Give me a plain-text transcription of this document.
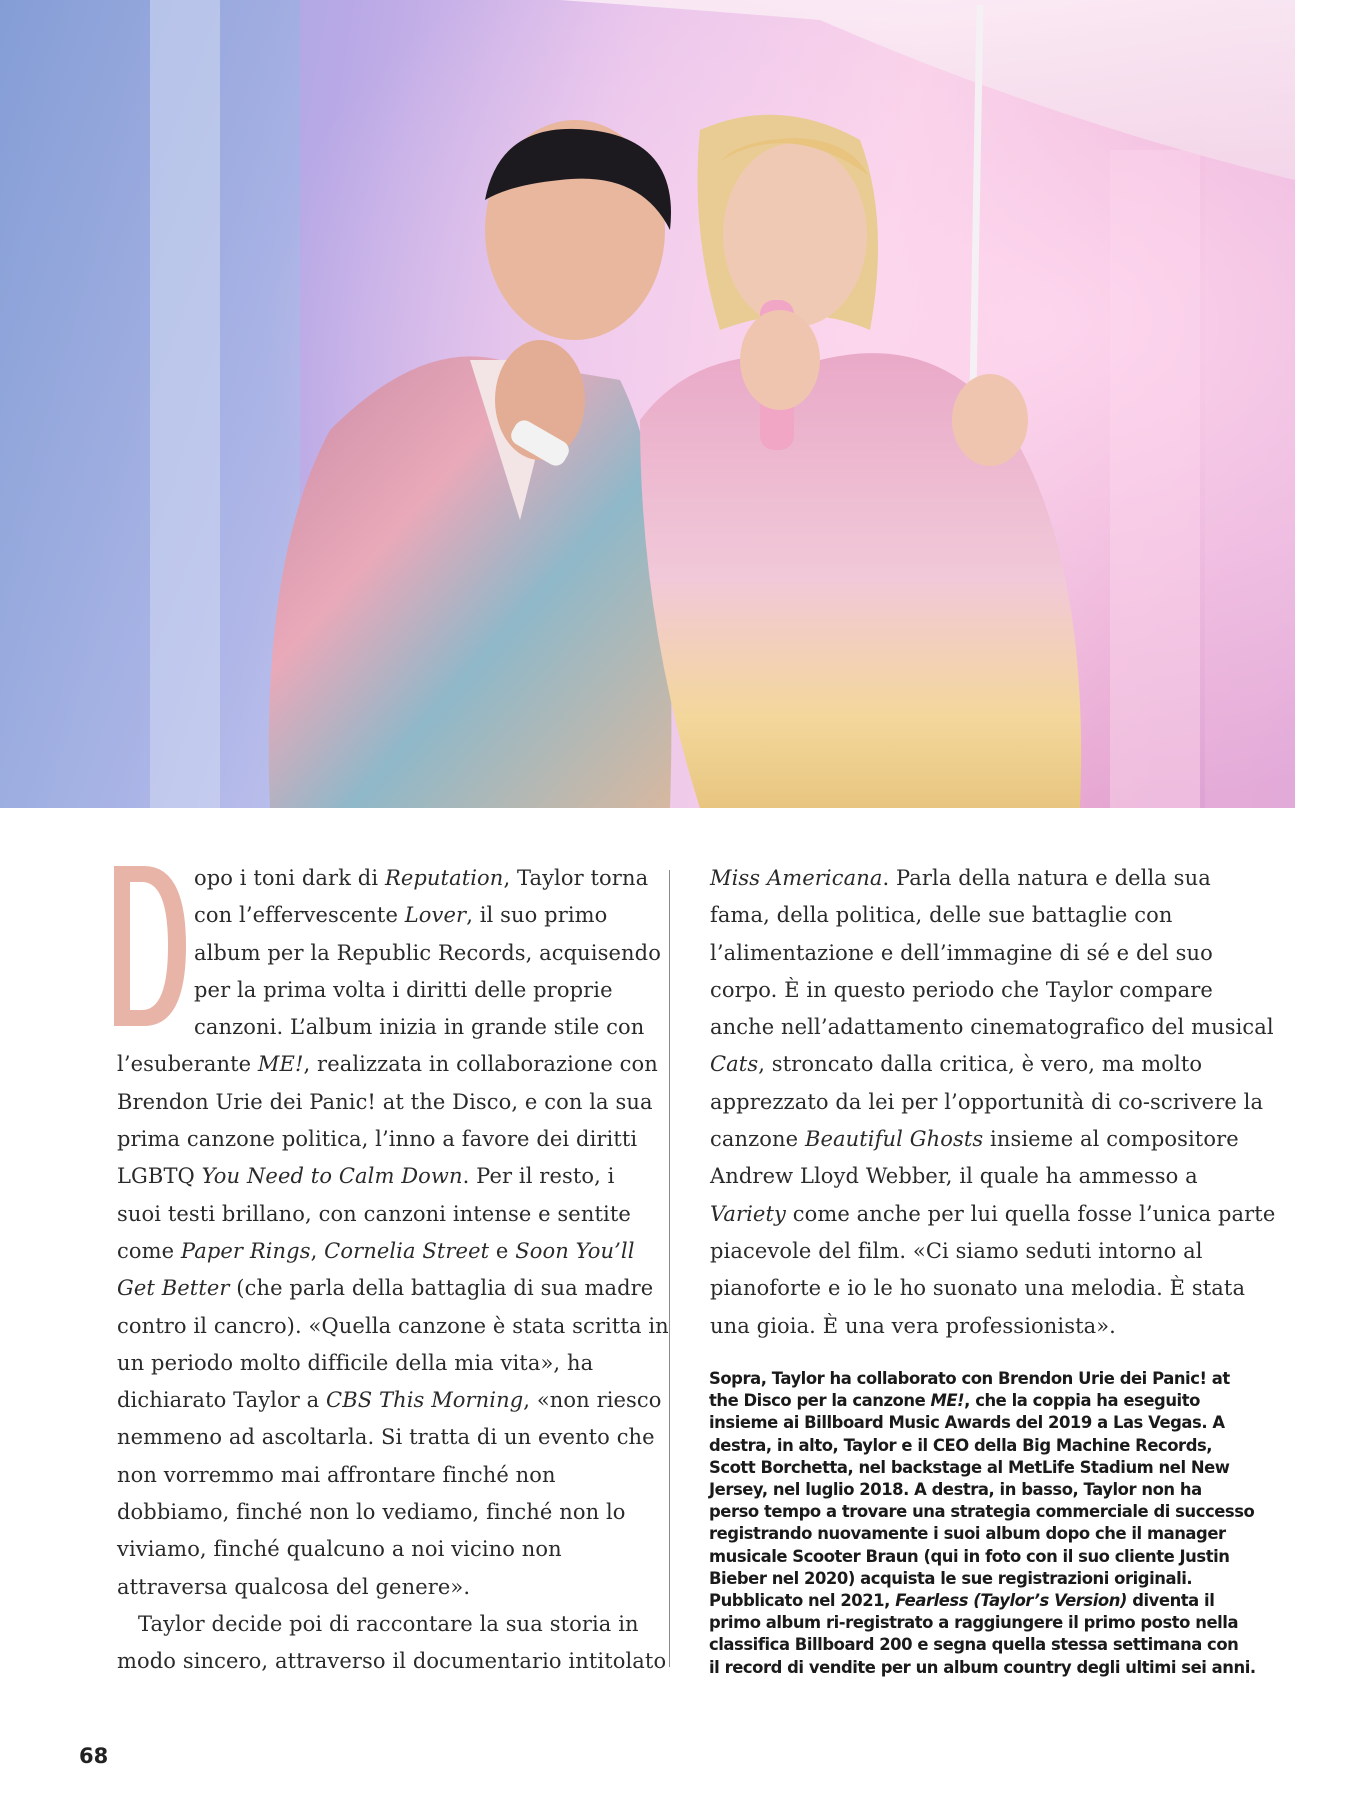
opo i toni dark di Reputation, Taylor torna
con l’effervescente Lover, il suo primo
album per la Republic Records, acquisendo
per la prima volta i diritti delle proprie
canzoni. L’album inizia in grande stile con
l’esuberante ME!, realizzata in collaborazione con
Brendon Urie dei Panic! at the Disco, e con la sua
prima canzone politica, l’inno a favore dei diritti
LGBTQ You Need to Calm Down. Per il resto, i
suoi testi brillano, con canzoni intense e sentite
come Paper Rings, Cornelia Street e Soon You’ll
Get Better (che parla della battaglia di sua madre
contro il cancro). «Quella canzone è stata scritta in
un periodo molto difficile della mia vita», ha
dichiarato Taylor a CBS This Morning, «non riesco
nemmeno ad ascoltarla. Si tratta di un evento che
non vorremmo mai affrontare finché non
dobbiamo, finché non lo vediamo, finché non lo
viviamo, finché qualcuno a noi vicino non
attraversa qualcosa del genere».
Taylor decide poi di raccontare la sua storia in
modo sincero, attraverso il documentario intitolato
Miss Americana. Parla della natura e della sua
fama, della politica, delle sue battaglie con
l’alimentazione e dell’immagine di sé e del suo
corpo. È in questo periodo che Taylor compare
anche nell’adattamento cinematografico del musical
Cats, stroncato dalla critica, è vero, ma molto
apprezzato da lei per l’opportunità di co-scrivere la
canzone Beautiful Ghosts insieme al compositore
Andrew Lloyd Webber, il quale ha ammesso a
Variety come anche per lui quella fosse l’unica parte
piacevole del film. «Ci siamo seduti intorno al
pianoforte e io le ho suonato una melodia. È stata
una gioia. È una vera professionista».
Sopra, Taylor ha collaborato con Brendon Urie dei Panic! at
the Disco per la canzone ME!, che la coppia ha eseguito
insieme ai Billboard Music Awards del 2019 a Las Vegas. A
destra, in alto, Taylor e il CEO della Big Machine Records,
Scott Borchetta, nel backstage al MetLife Stadium nel New
Jersey, nel luglio 2018. A destra, in basso, Taylor non ha
perso tempo a trovare una strategia commerciale di successo
registrando nuovamente i suoi album dopo che il manager
musicale Scooter Braun (qui in foto con il suo cliente Justin
Bieber nel 2020) acquista le sue registrazioni originali.
Pubblicato nel 2021, Fearless (Taylor’s Version) diventa il
primo album ri-registrato a raggiungere il primo posto nella
classifica Billboard 200 e segna quella stessa settimana con
il record di vendite per un album country degli ultimi sei anni.
68
